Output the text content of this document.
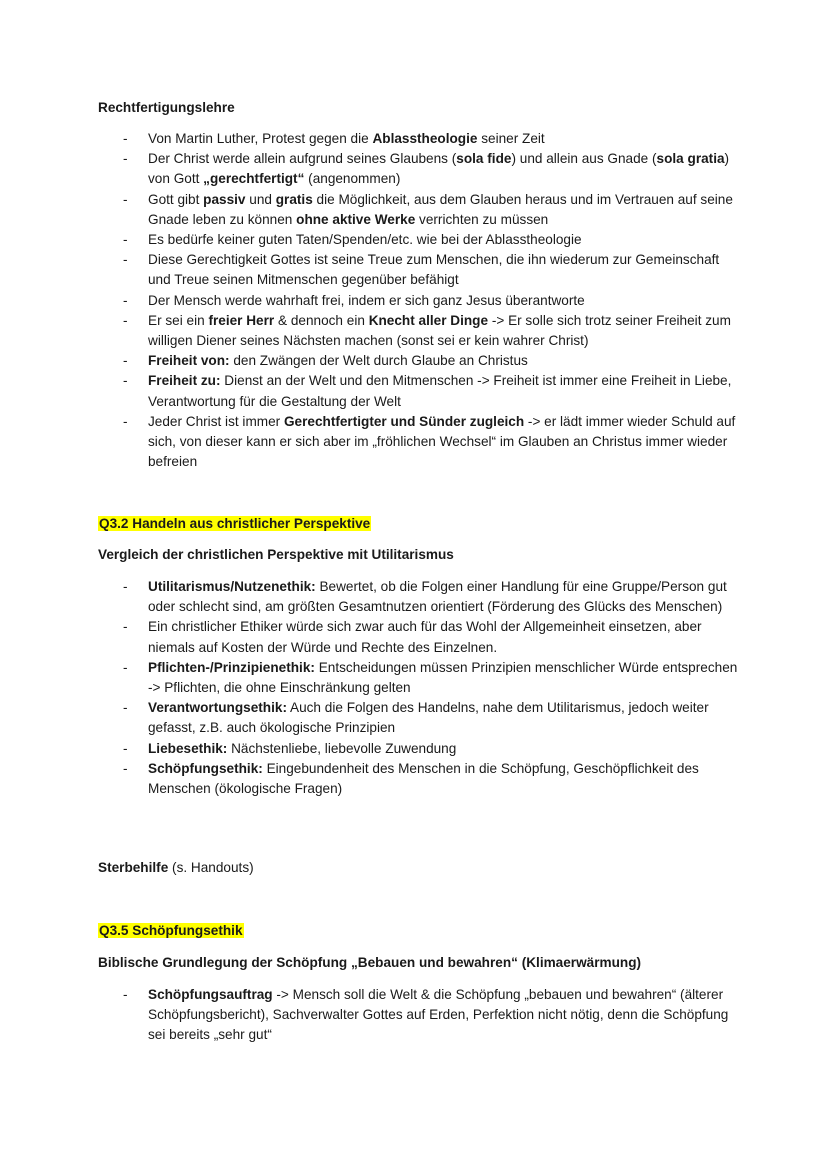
Rechtfertigungslehre
- Von Martin Luther, Protest gegen die Ablasstheologie seiner Zeit
- Der Christ werde allein aufgrund seines Glaubens (sola fide) und allein aus Gnade (sola gratia) von Gott „gerechtfertigt“ (angenommen)
- Gott gibt passiv und gratis die Möglichkeit, aus dem Glauben heraus und im Vertrauen auf seine Gnade leben zu können ohne aktive Werke verrichten zu müssen
- Es bedürfe keiner guten Taten/Spenden/etc. wie bei der Ablasstheologie
- Diese Gerechtigkeit Gottes ist seine Treue zum Menschen, die ihn wiederum zur Gemeinschaft und Treue seinen Mitmenschen gegenüber befähigt
- Der Mensch werde wahrhaft frei, indem er sich ganz Jesus überantworte
- Er sei ein freier Herr & dennoch ein Knecht aller Dinge -> Er solle sich trotz seiner Freiheit zum willigen Diener seines Nächsten machen (sonst sei er kein wahrer Christ)
- Freiheit von: den Zwängen der Welt durch Glaube an Christus
- Freiheit zu: Dienst an der Welt und den Mitmenschen -> Freiheit ist immer eine Freiheit in Liebe, Verantwortung für die Gestaltung der Welt
- Jeder Christ ist immer Gerechtfertigter und Sünder zugleich -> er lädt immer wieder Schuld auf sich, von dieser kann er sich aber im „fröhlichen Wechsel“ im Glauben an Christus immer wieder befreien
Q3.2 Handeln aus christlicher Perspektive
Vergleich der christlichen Perspektive mit Utilitarismus
- Utilitarismus/Nutzenethik: Bewertet, ob die Folgen einer Handlung für eine Gruppe/Person gut oder schlecht sind, am größten Gesamtnutzen orientiert (Förderung des Glücks des Menschen)
- Ein christlicher Ethiker würde sich zwar auch für das Wohl der Allgemeinheit einsetzen, aber niemals auf Kosten der Würde und Rechte des Einzelnen.
- Pflichten-/Prinzipienethik: Entscheidungen müssen Prinzipien menschlicher Würde entsprechen -> Pflichten, die ohne Einschränkung gelten
- Verantwortungsethik: Auch die Folgen des Handelns, nahe dem Utilitarismus, jedoch weiter gefasst, z.B. auch ökologische Prinzipien
- Liebesethik: Nächstenliebe, liebevolle Zuwendung
- Schöpfungsethik: Eingebundenheit des Menschen in die Schöpfung, Geschöpflichkeit des Menschen (ökologische Fragen)

Sterbehilfe (s. Handouts)

Q3.5 Schöpfungsethik
Biblische Grundlegung der Schöpfung „Bebauen und bewahren“ (Klimaerwärmung)
- Schöpfungsauftrag -> Mensch soll die Welt & die Schöpfung „bebauen und bewahren“ (älterer Schöpfungsbericht), Sachverwalter Gottes auf Erden, Perfektion nicht nötig, denn die Schöpfung sei bereits „sehr gut“
